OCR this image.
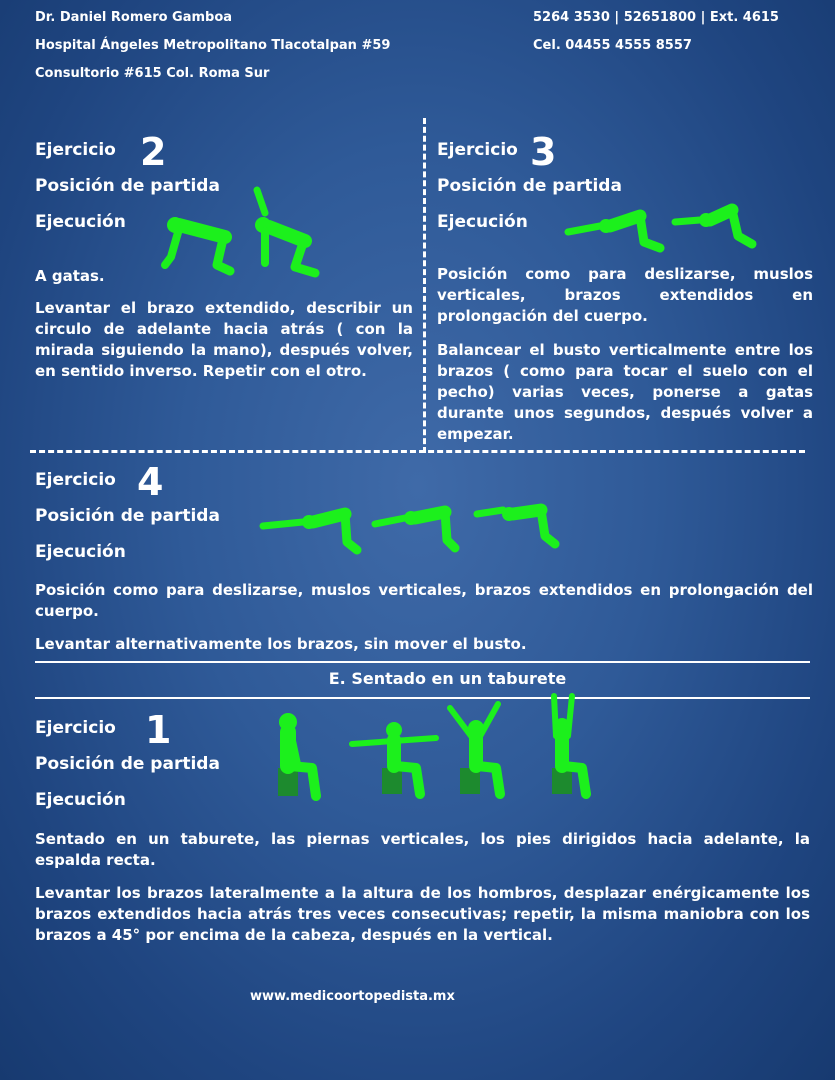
Dr. Daniel Romero Gamboa
Hospital Ángeles Metropolitano Tlacotalpan #59
Consultorio #615 Col. Roma Sur
5264 3530 | 52651800 | Ext. 4615
Cel. 04455 4555 8557
Ejercicio 2
Posición de partida
Ejecución
A gatas.
Levantar el brazo extendido, describir un circulo de adelante hacia atrás ( con la mirada siguiendo la mano), después volver, en sentido inverso. Repetir con el otro.
Ejercicio 3
Posición de partida
Ejecución
Posición como para deslizarse, muslos verticales, brazos extendidos en prolongación del cuerpo.
Balancear el busto verticalmente entre los brazos ( como para tocar el suelo con el pecho) varias veces, ponerse a gatas durante unos segundos, después volver a empezar.
Ejercicio 4
Posición de partida
Ejecución
Posición como para deslizarse, muslos verticales, brazos extendidos en prolongación del cuerpo.
Levantar alternativamente los brazos, sin mover el busto.
E. Sentado en un taburete
Ejercicio 1
Posición de partida
Ejecución
Sentado en un taburete, las piernas verticales, los pies dirigidos hacia adelante, la espalda recta.
Levantar los brazos lateralmente a la altura de los hombros, desplazar enérgicamente los brazos extendidos hacia atrás tres veces consecutivas; repetir, la misma maniobra con los brazos a 45° por encima de la cabeza, después en la vertical.
www.medicoortopedista.mx
